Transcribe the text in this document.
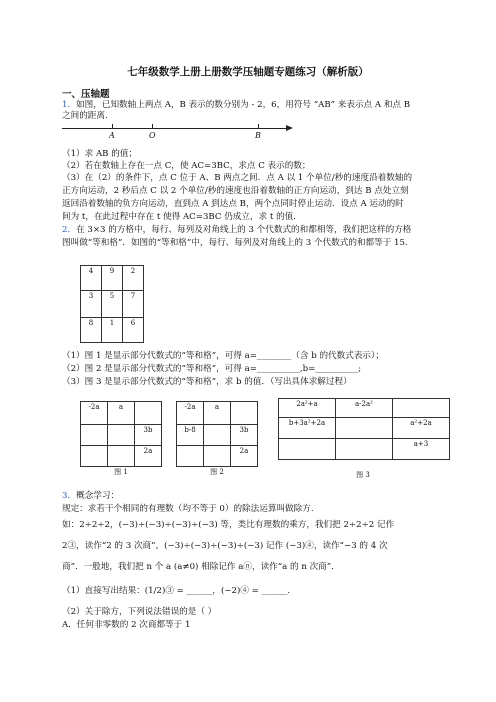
七年级数学上册上册数学压轴题专题练习（解析版）
一、压轴题
1．如图，已知数轴上两点 A，B 表示的数分别为 - 2，6，用符号 “AB” 来表示点 A 和点 B
之间的距离.
A	O	B
（1）求 AB 的值；
（2）若在数轴上存在一点 C，使 AC=3BC，求点 C 表示的数；
（3）在（2）的条件下，点 C 位于 A、B 两点之间．点 A 以 1 个单位/秒的速度沿着数轴的
正方向运动，2 秒后点 C 以 2 个单位/秒的速度也沿着数轴的正方向运动，到达 B 点处立刻
返回沿着数轴的负方向运动，直到点 A 到达点 B，两个点同时停止运动．设点 A 运动的时
间为 t，在此过程中存在 t 使得 AC=3BC 仍成立，求 t 的值．
2．在 3×3 的方格中，每行、每列及对角线上的 3 个代数式的和都相等，我们把这样的方格
图叫做“等和格”．如图的“等和格”中，每行、每列及对角线上的 3 个代数式的和都等于 15.
4	9	2
3	5	7
8	1	6
（1）图 1 是显示部分代数式的“等和格”，可得 a=________（含 b 的代数式表示）；
（2）图 2 是显示部分代数式的“等和格”，可得 a=__________,b=__________;
（3）图 3 是显示部分代数式的“等和格”，求 b 的值．（写出具体求解过程）
-2a	a	
		3b
		2a
图 1
-2a	a	
b-8		3b
		2a
图 2
2a²+a	a-2a²	
b+3a²+2a		a²+2a
		a+3
图 3
3．概念学习：
规定：求若干个相同的有理数（均不等于 0）的除法运算叫做除方.
如：2÷2÷2，(−3)÷(−3)÷(−3)÷(−3) 等，类比有理数的乘方，我们把 2÷2÷2 记作
2③，读作“2 的 3 次商”，(−3)÷(−3)÷(−3)÷(−3) 记作 (−3)④，读作“−3 的 4 次
商”．一般地，我们把 n 个 a (a≠0) 相除记作 aⓝ，读作“a 的 n 次商”．
（1）直接写出结果：(1/2)③ = ______，(−2)④ = ______.
（2）关于除方，下列说法错误的是（ ）
A．任何非零数的 2 次商都等于 1
